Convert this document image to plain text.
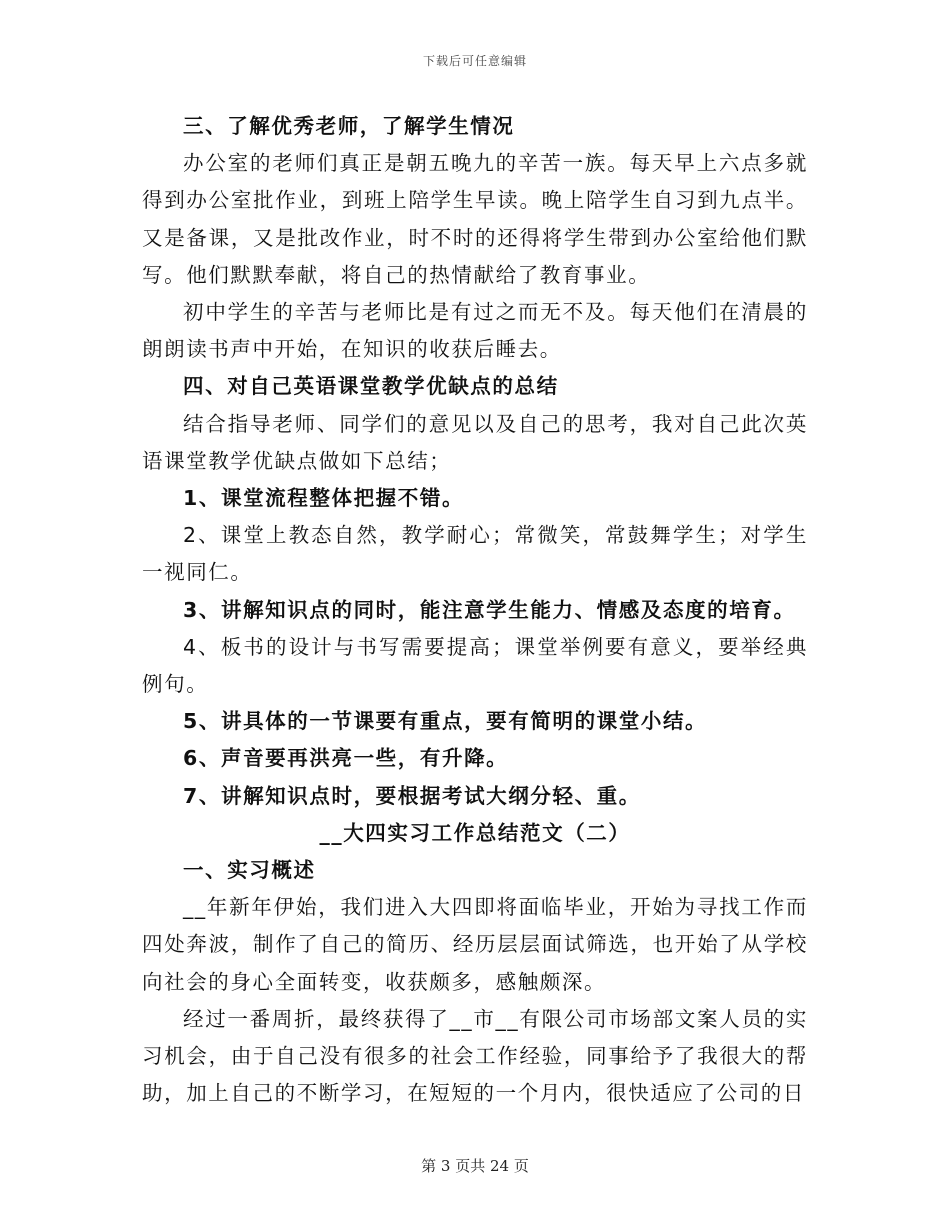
下载后可任意编辑

三、了解优秀老师，了解学生情况

办公室的老师们真正是朝五晚九的辛苦一族。每天早上六点多就得到办公室批作业，到班上陪学生早读。晚上陪学生自习到九点半。又是备课，又是批改作业，时不时的还得将学生带到办公室给他们默写。他们默默奉献，将自己的热情献给了教育事业。

初中学生的辛苦与老师比是有过之而无不及。每天他们在清晨的朗朗读书声中开始，在知识的收获后睡去。

四、对自己英语课堂教学优缺点的总结

结合指导老师、同学们的意见以及自己的思考，我对自己此次英语课堂教学优缺点做如下总结；

1、课堂流程整体把握不错。

2、课堂上教态自然，教学耐心；常微笑，常鼓舞学生；对学生一视同仁。

3、讲解知识点的同时，能注意学生能力、情感及态度的培育。

4、板书的设计与书写需要提高；课堂举例要有意义，要举经典例句。

5、讲具体的一节课要有重点，要有简明的课堂小结。

6、声音要再洪亮一些，有升降。

7、讲解知识点时，要根据考试大纲分轻、重。

__大四实习工作总结范文（二）

一、实习概述

__年新年伊始，我们进入大四即将面临毕业，开始为寻找工作而四处奔波，制作了自己的简历、经历层层面试筛选，也开始了从学校向社会的身心全面转变，收获颇多，感触颇深。

经过一番周折，最终获得了__市__有限公司市场部文案人员的实习机会，由于自己没有很多的社会工作经验，同事给予了我很大的帮助，加上自己的不断学习，在短短的一个月内，很快适应了公司的日

第 3 页共 24 页
